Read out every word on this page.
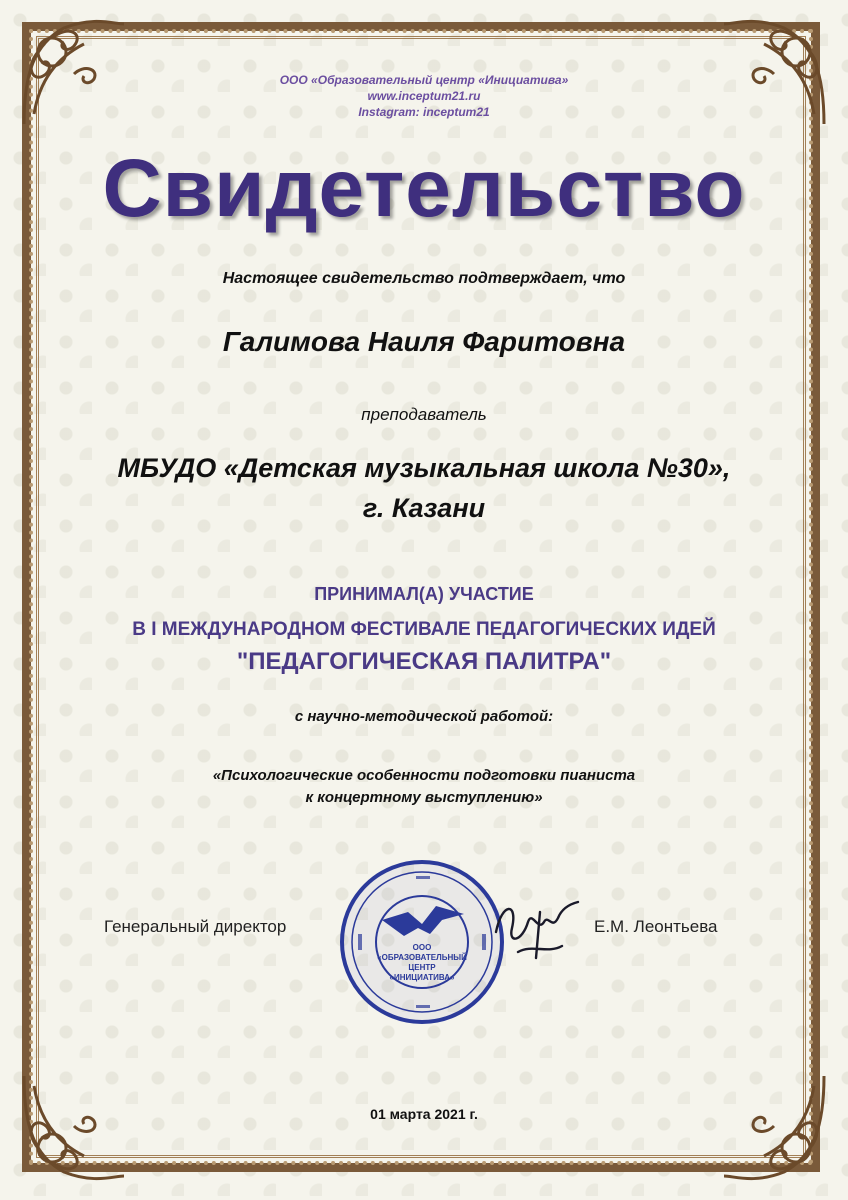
ООО «Образовательный центр «Инициатива»
www.inceptum21.ru
Instagram: inceptum21
Свидетельство
Настоящее свидетельство подтверждает, что
Галимова Наиля Фаритовна
преподаватель
МБУДО «Детская музыкальная школа №30»,
г. Казани
ПРИНИМАЛ(А) УЧАСТИЕ
В I МЕЖДУНАРОДНОМ ФЕСТИВАЛЕ ПЕДАГОГИЧЕСКИХ ИДЕЙ
"ПЕДАГОГИЧЕСКАЯ ПАЛИТРА"
с научно-методической работой:
«Психологические особенности подготовки пианиста
к концертному выступлению»
Генеральный директор
ООО
«ОБРАЗОВАТЕЛЬНЫЙ
ЦЕНТР
«ИНИЦИАТИВА»
Е.М. Леонтьева
01 марта 2021 г.
